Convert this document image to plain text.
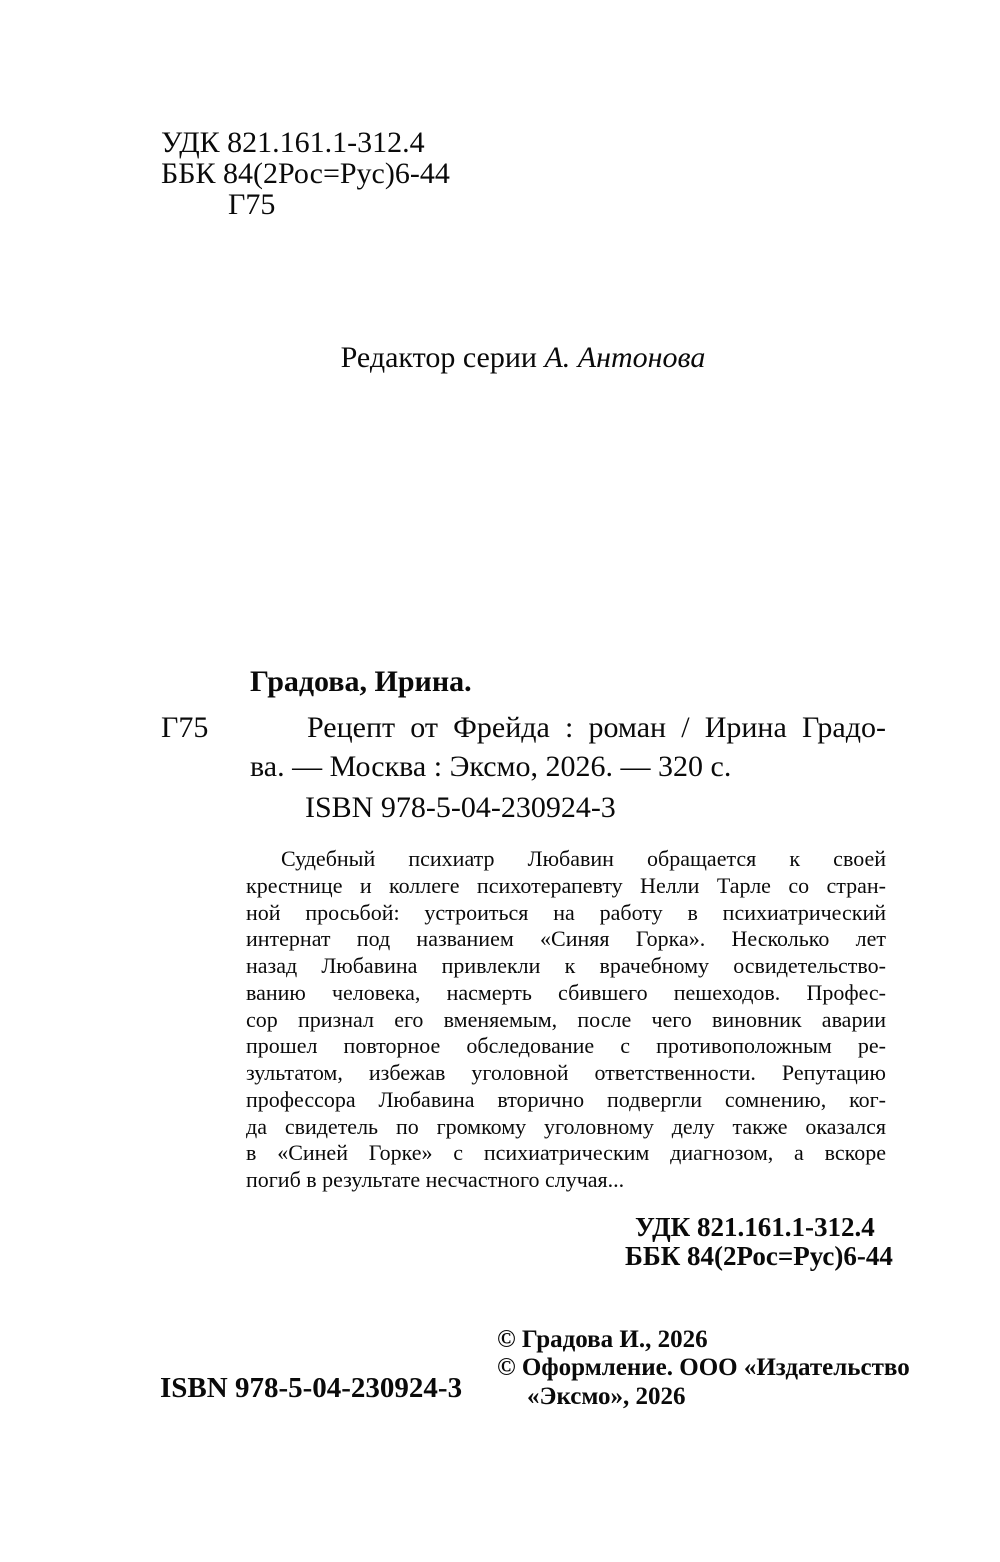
УДК 821.161.1-312.4
ББК 84(2Рос=Рус)6-44
Г75
Редактор серии А. Антонова
Градова, Ирина.
Г75	Рецепт от Фрейда : роман / Ирина Градо-
ва. — Москва : Эксмо, 2026. — 320 с.
ISBN 978-5-04-230924-3
Судебный психиатр Любавин обращается к своей
крестнице и коллеге психотерапевту Нелли Тарле со стран-
ной просьбой: устроиться на работу в психиатрический
интернат под названием «Синяя Горка». Несколько лет
назад Любавина привлекли к врачебному освидетельство-
ванию человека, насмерть сбившего пешеходов. Профес-
сор признал его вменяемым, после чего виновник аварии
прошел повторное обследование с противоположным ре-
зультатом, избежав уголовной ответственности. Репутацию
профессора Любавина вторично подвергли сомнению, ког-
да свидетель по громкому уголовному делу также оказался
в «Синей Горке» с психиатрическим диагнозом, а вскоре
погиб в результате несчастного случая...
УДК 821.161.1-312.4
ББК 84(2Рос=Рус)6-44
© Градова И., 2026
© Оформление. ООО «Издательство
«Эксмо», 2026
ISBN 978-5-04-230924-3
